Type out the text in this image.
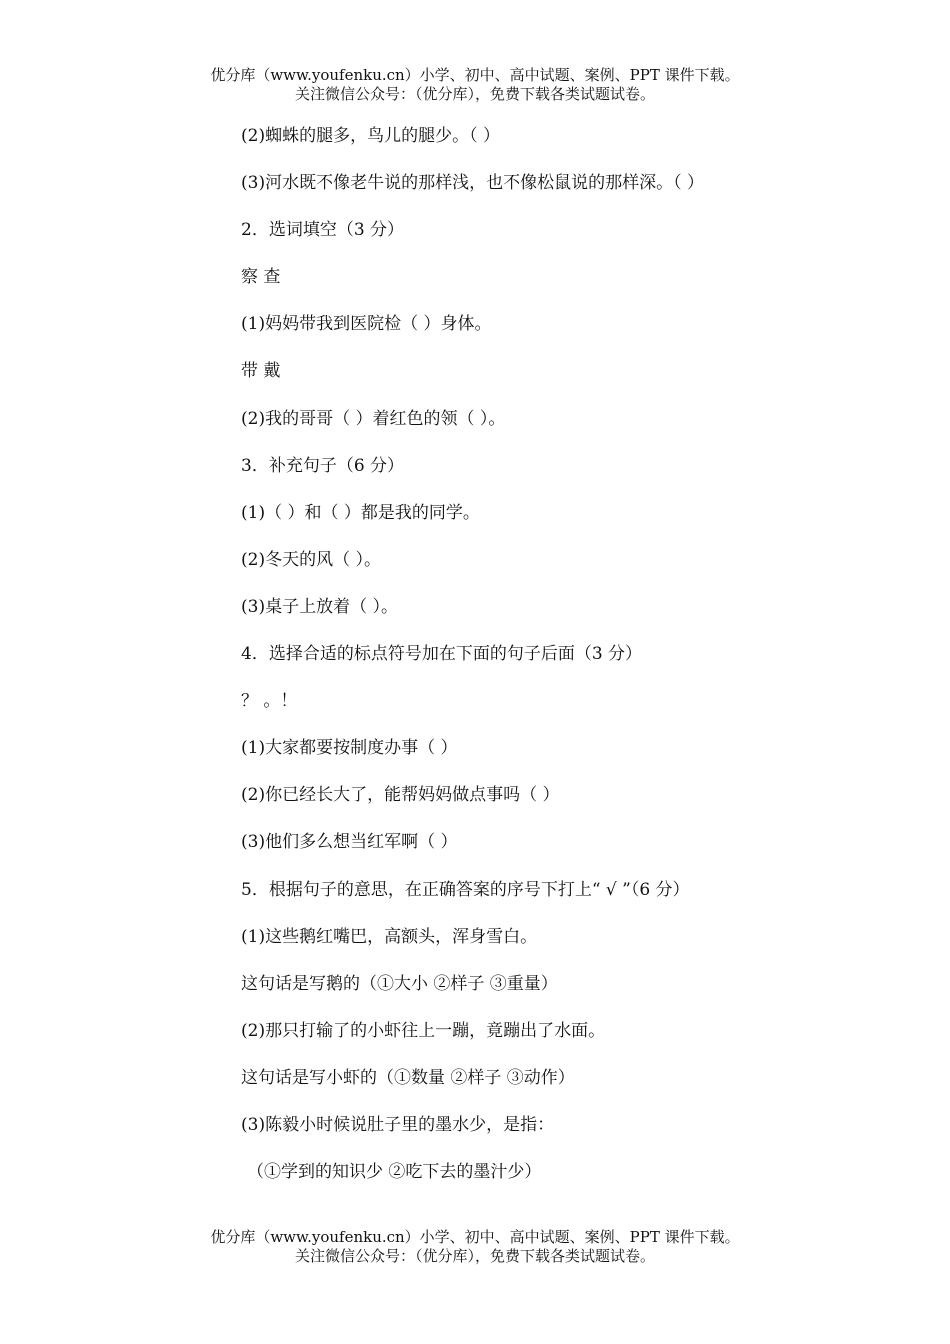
优分库（www.youfenku.cn）小学、初中、高中试题、案例、PPT 课件下载。
关注微信公众号：（优分库），免费下载各类试题试卷。
(2)蜘蛛的腿多，鸟儿的腿少。（ ）
(3)河水既不像老牛说的那样浅，也不像松鼠说的那样深。（ ）
2．选词填空（3 分）
察 查
(1)妈妈带我到医院检（ ）身体。
带 戴
(2)我的哥哥（ ）着红色的领（ ）。
3．补充句子（6 分）
(1)（ ）和（ ）都是我的同学。
(2)冬天的风（ ）。
(3)桌子上放着（ ）。
4．选择合适的标点符号加在下面的句子后面（3 分）
？ 。！
(1)大家都要按制度办事（ ）
(2)你已经长大了，能帮妈妈做点事吗（ ）
(3)他们多么想当红军啊（ ）
5．根据句子的意思，在正确答案的序号下打上“ √ ”（6 分）
(1)这些鹅红嘴巴，高额头，浑身雪白。
这句话是写鹅的（①大小 ②样子 ③重量）
(2)那只打输了的小虾往上一蹦，竟蹦出了水面。
这句话是写小虾的（①数量 ②样子 ③动作）
(3)陈毅小时候说肚子里的墨水少，是指：
（①学到的知识少 ②吃下去的墨汁少）
优分库（www.youfenku.cn）小学、初中、高中试题、案例、PPT 课件下载。
关注微信公众号：（优分库），免费下载各类试题试卷。
